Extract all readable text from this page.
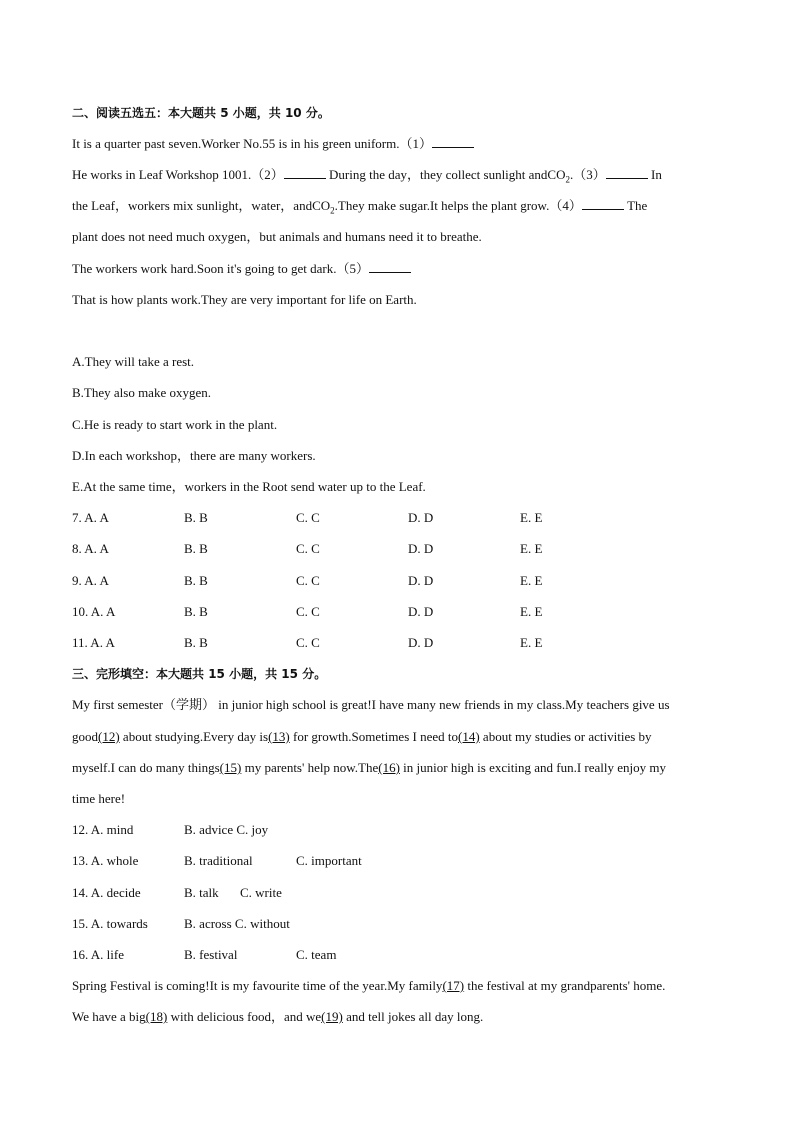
二、阅读五选五：本大题共 5 小题，共 10 分。
It is a quarter past seven.Worker No.55 is in his green uniform.（1）
He works in Leaf Workshop 1001.（2）	During the day，they collect sunlight andCO$_2$.（3）	In
the Leaf，workers mix sunlight，water，andCO$_2$.They make sugar.It helps the plant grow.（4）	The
plant does not need much oxygen，but animals and humans need it to breathe.
The workers work hard.Soon it's going to get dark.（5）
That is how plants work.They are very important for life on Earth.
A.They will take a rest.
B.They also make oxygen.
C.He is ready to start work in the plant.
D.In each workshop，there are many workers.
E.At the same time，workers in the Root send water up to the Leaf.
7. A. A	B. B	C. C	D. D	E. E
8. A. A	B. B	C. C	D. D	E. E
9. A. A	B. B	C. C	D. D	E. E
10. A. A	B. B	C. C	D. D	E. E
11. A. A	B. B	C. C	D. D	E. E
三、完形填空：本大题共 15 小题，共 15 分。
My first semester（学期） in junior high school is great!I have many new friends in my class.My teachers give us
good(12) about studying.Every day is(13) for growth.Sometimes I need to(14) about my studies or activities by
myself.I can do many things(15) my parents' help now.The(16) in junior high is exciting and fun.I really enjoy my
time here!
12. A. mind	B. advice C. joy
13. A. whole	B. traditional	C. important
14. A. decide	B. talk C. write
15. A. towards	B. across C. without
16. A. life	B. festival	C. team
Spring Festival is coming!It is my favourite time of the year.My family(17) the festival at my grandparents' home.
We have a big(18) with delicious food，and we(19) and tell jokes all day long.
